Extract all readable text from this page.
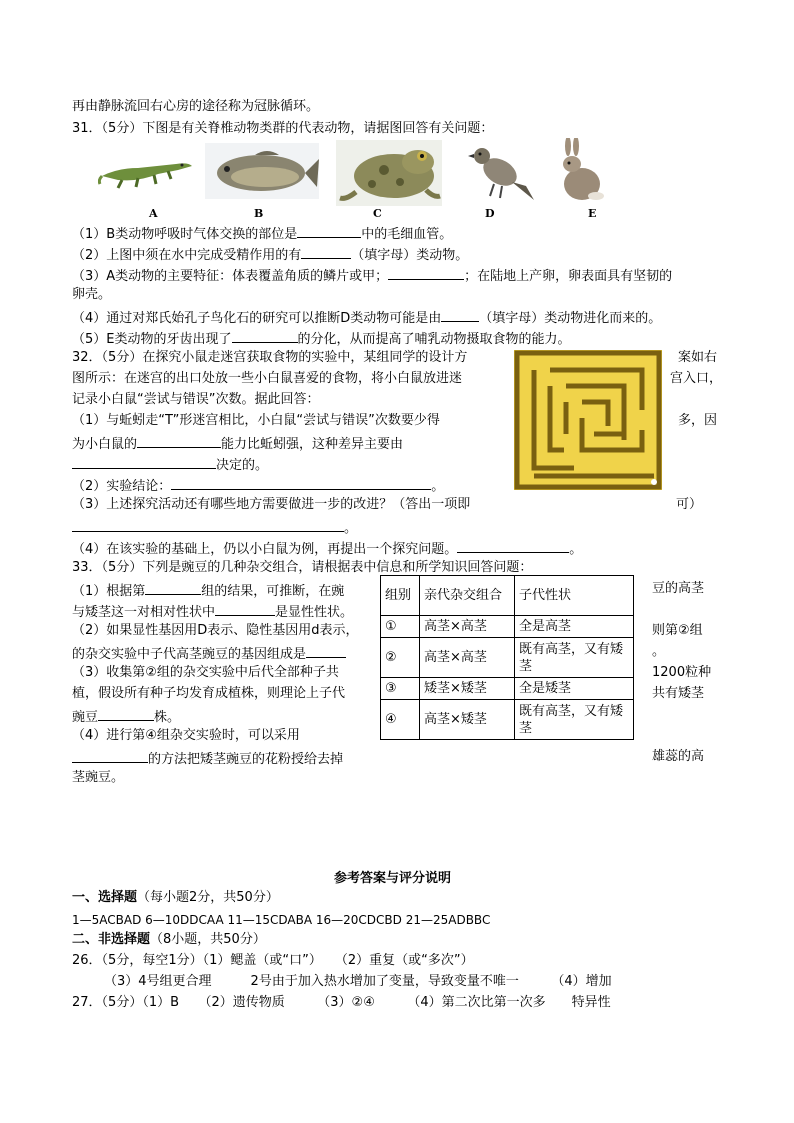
再由静脉流回右心房的途径称为冠脉循环。
31．（5分）下图是有关脊椎动物类群的代表动物，请据图回答有关问题：
A	B	C	D	E
（1）B类动物呼吸时气体交换的部位是	中的毛细血管。
（2）上图中须在水中完成受精作用的有	（填字母）类动物。
（3）A类动物的主要特征：体表覆盖角质的鳞片或甲；	；在陆地上产卵，卵表面具有坚韧的
卵壳。
（4）通过对郑氏始孔子鸟化石的研究可以推断D类动物可能是由	（填字母）类动物进化而来的。
（5）E类动物的牙齿出现了	的分化，从而提高了哺乳动物摄取食物的能力。
32．（5分）在探究小鼠走迷宫获取食物的实验中，某组同学的设计方	案如右
图所示：在迷宫的出口处放一些小白鼠喜爱的食物，将小白鼠放进迷	宫入口，
记录小白鼠“尝试与错误”次数。据此回答：
（1）与蚯蚓走“T”形迷宫相比，小白鼠“尝试与错误”次数要少得	多，因
为小白鼠的	能力比蚯蚓强，这种差异主要由
决定的。
（2）实验结论：	。
（3）上述探究活动还有哪些地方需要做进一步的改进？（答出一项即	可）
。
（4）在该实验的基础上，仍以小白鼠为例，再提出一个探究问题。	。
33．（5分）下列是豌豆的几种杂交组合，请根据表中信息和所学知识回答问题：
（1）根据第	组的结果，可推断，在豌	豆的高茎
与矮茎这一对相对性状中	是显性性状。
（2）如果显性基因用D表示、隐性基因用d表示，	则第②组
的杂交实验中子代高茎豌豆的基因组成是	。
（3）收集第②组的杂交实验中后代全部种子共	1200粒种
植，假设所有种子均发育成植株，则理论上子代	共有矮茎
豌豆	株。
（4）进行第④组杂交实验时，可以采用
的方法把矮茎豌豆的花粉授给去掉	雄蕊的高
茎豌豆。
组别	亲代杂交组合	子代性状
①	高茎×高茎	全是高茎
②	高茎×高茎	既有高茎，又有矮茎
③	矮茎×矮茎	全是矮茎
④	高茎×矮茎	既有高茎，又有矮茎
参考答案与评分说明
一、选择题（每小题2分，共50分）
1—5ACBAD 6—10DDCAA 11—15CDABA 16—20CDCBD 21—25ADBBC
二、非选择题（8小题，共50分）
26．（5分，每空1分）（1）鳃盖（或“口”）　　（2）重复（或“多次”）
（3）4号组更合理　　　2号由于加入热水增加了变量，导致变量不唯一　　　（4）增加
27．（5分）（1）B　　（2）遗传物质　　　（3）②④　　　（4）第二次比第一次多　　特异性
